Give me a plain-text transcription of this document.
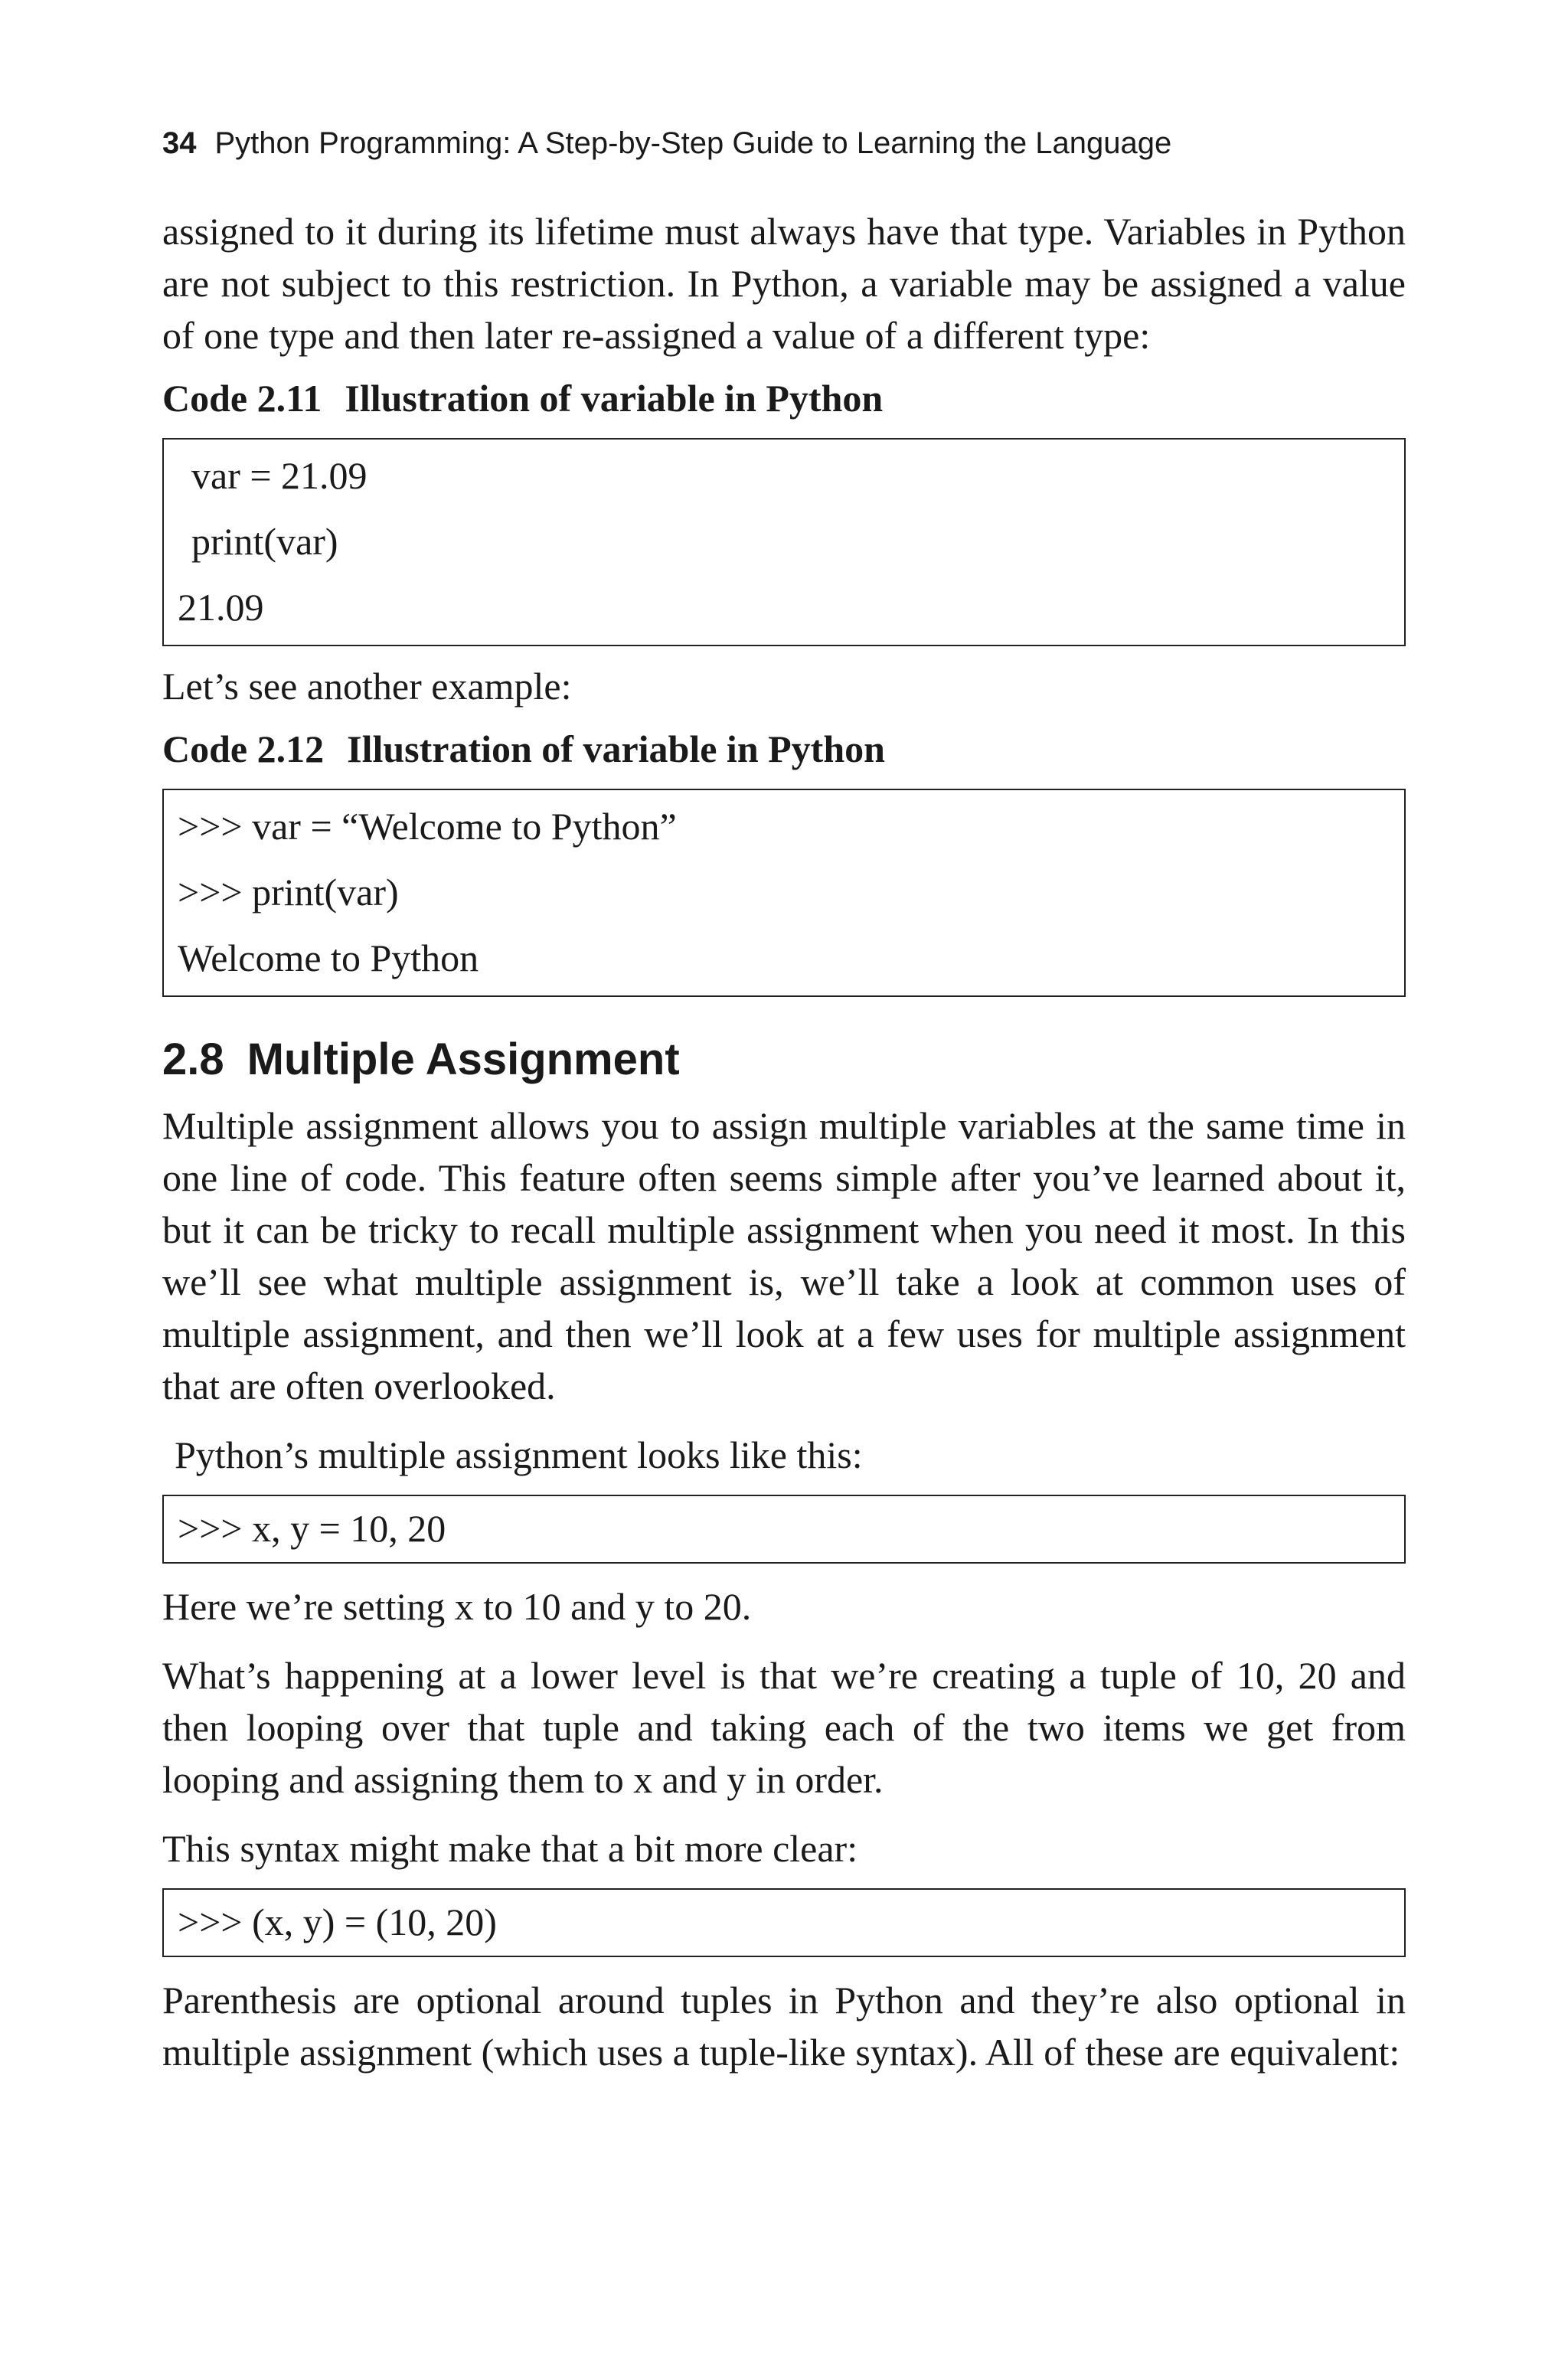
34 Python Programming: A Step-by-Step Guide to Learning the Language

assigned to it during its lifetime must always have that type. Variables in Python are not subject to this restriction. In Python, a variable may be assigned a value of one type and then later re-assigned a value of a different type:

Code 2.11 Illustration of variable in Python
var = 21.09
print(var)
21.09

Let’s see another example:

Code 2.12 Illustration of variable in Python
>>> var = “Welcome to Python”
>>> print(var)
Welcome to Python
2.8 Multiple Assignment

Multiple assignment allows you to assign multiple variables at the same time in one line of code. This feature often seems simple after you’ve learned about it, but it can be tricky to recall multiple assignment when you need it most. In this we’ll see what multiple assignment is, we’ll take a look at common uses of multiple assignment, and then we’ll look at a few uses for multiple assignment that are often overlooked.

Python’s multiple assignment looks like this:

>>> x, y = 10, 20

Here we’re setting x to 10 and y to 20.

What’s happening at a lower level is that we’re creating a tuple of 10, 20 and then looping over that tuple and taking each of the two items we get from looping and assigning them to x and y in order.

This syntax might make that a bit more clear:

>>> (x, y) = (10, 20)

Parenthesis are optional around tuples in Python and they’re also optional in multiple assignment (which uses a tuple-like syntax). All of these are equivalent:
